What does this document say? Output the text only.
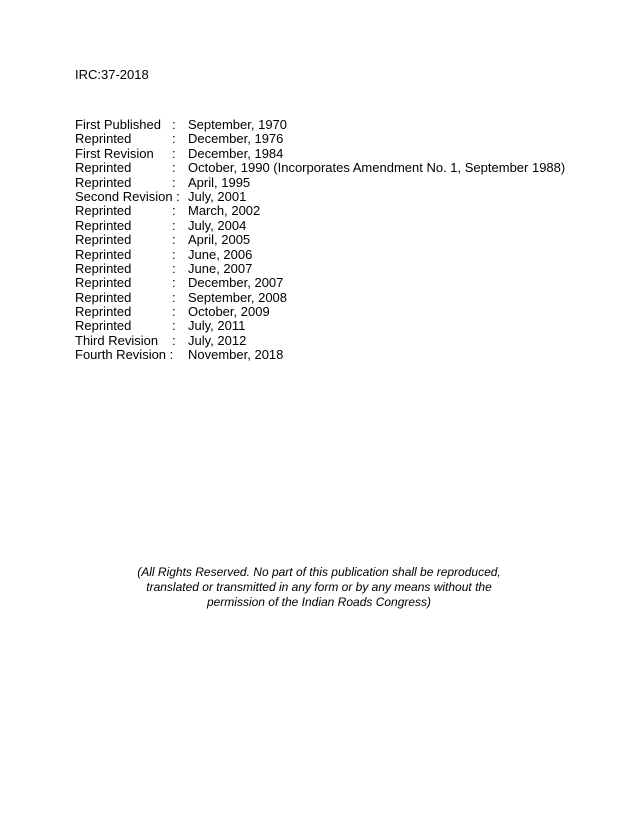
IRC:37-2018
First Published : September, 1970
Reprinted	: December, 1976
First Revision	: December, 1984
Reprinted	: October, 1990 (Incorporates Amendment No. 1, September 1988)
Reprinted	: April, 1995
Second Revision : July, 2001
Reprinted	: March, 2002
Reprinted	: July, 2004
Reprinted	: April, 2005
Reprinted	: June, 2006
Reprinted	: June, 2007
Reprinted	: December, 2007
Reprinted	: September, 2008
Reprinted	: October, 2009
Reprinted	: July, 2011
Third Revision	: July, 2012
Fourth Revision : November, 2018
(All Rights Reserved. No part of this publication shall be reproduced,
translated or transmitted in any form or by any means without the
permission of the Indian Roads Congress)
